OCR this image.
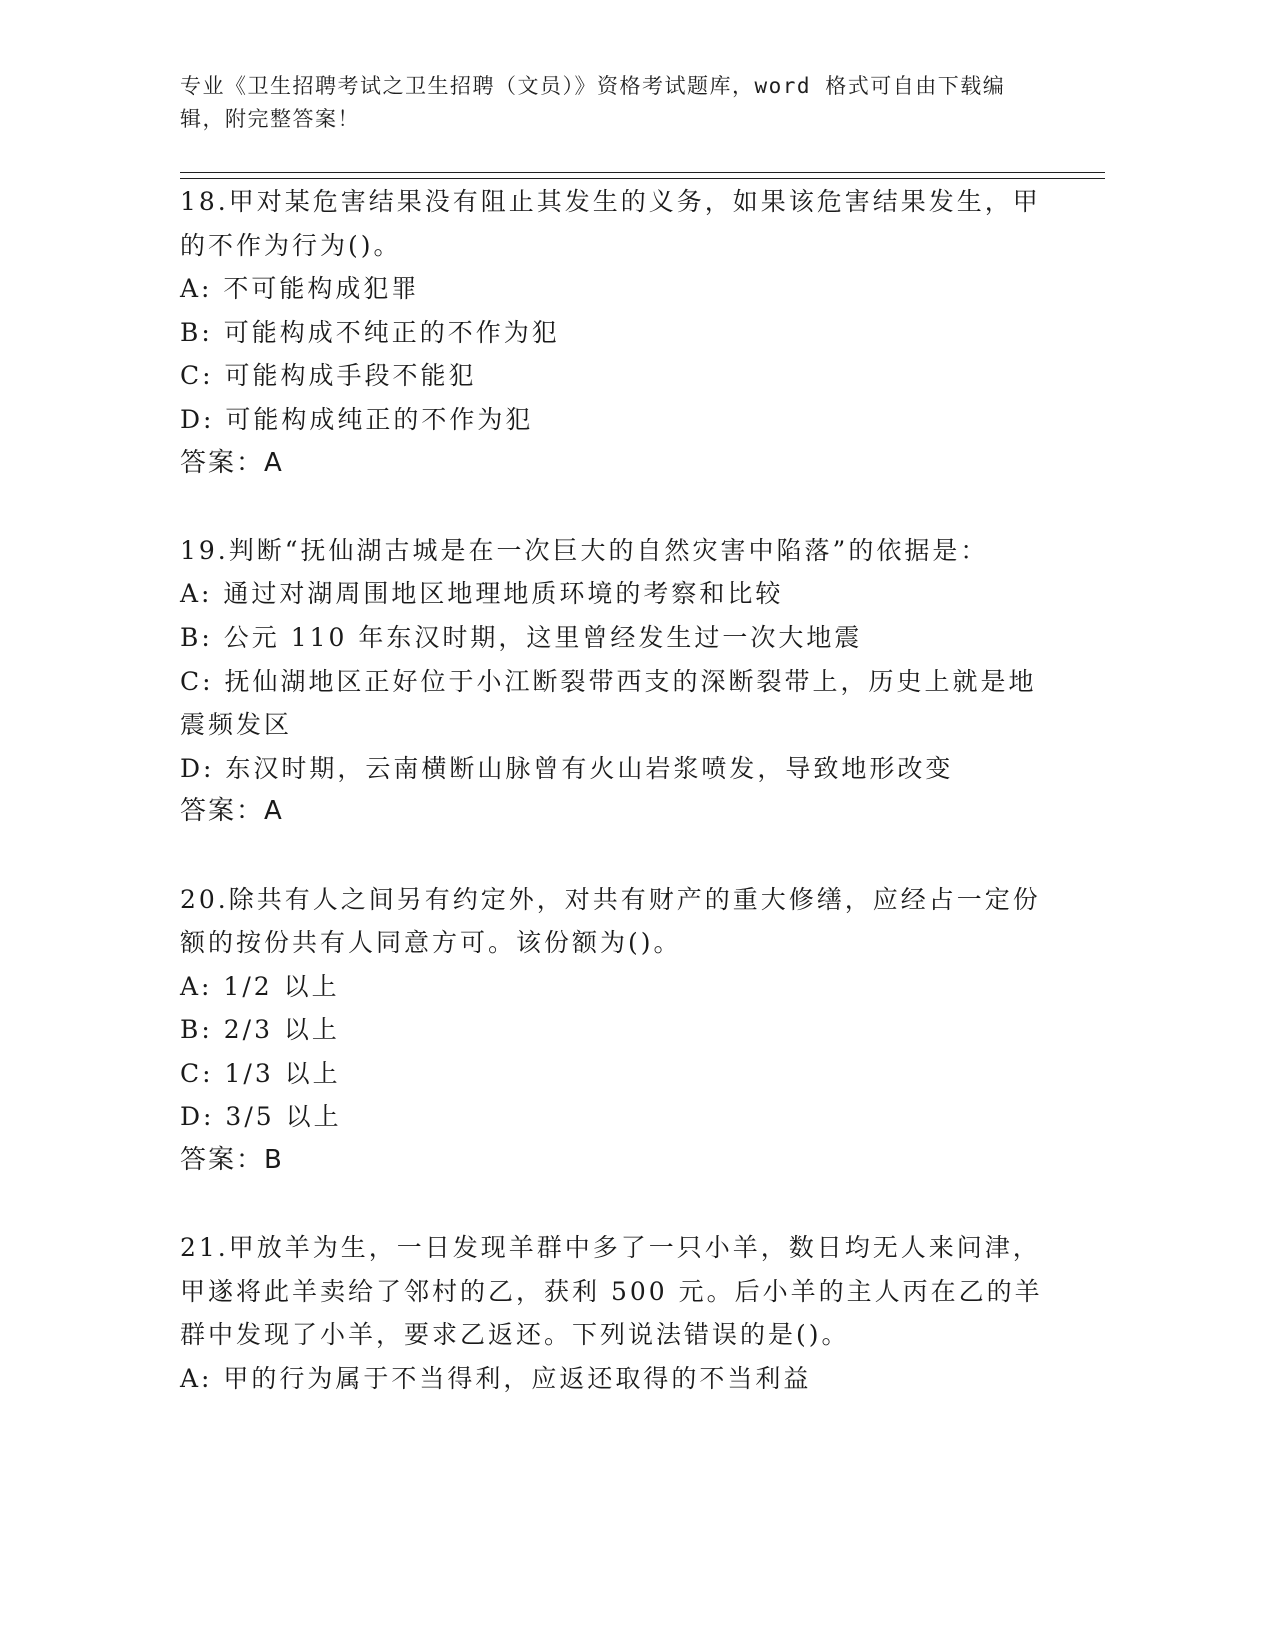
专业《卫生招聘考试之卫生招聘（文员）》资格考试题库，word 格式可自由下载编辑，附完整答案！

18.甲对某危害结果没有阻止其发生的义务，如果该危害结果发生，甲的不作为行为()。

A: 不可能构成犯罪

B: 可能构成不纯正的不作为犯

C: 可能构成手段不能犯

D: 可能构成纯正的不作为犯

答案：A

19.判断“抚仙湖古城是在一次巨大的自然灾害中陷落”的依据是：

A: 通过对湖周围地区地理地质环境的考察和比较

B: 公元 110 年东汉时期，这里曾经发生过一次大地震

C: 抚仙湖地区正好位于小江断裂带西支的深断裂带上，历史上就是地震频发区

D: 东汉时期，云南横断山脉曾有火山岩浆喷发，导致地形改变

答案：A

20.除共有人之间另有约定外，对共有财产的重大修缮，应经占一定份额的按份共有人同意方可。该份额为()。

A: 1/2 以上

B: 2/3 以上

C: 1/3 以上

D: 3/5 以上

答案：B

21.甲放羊为生，一日发现羊群中多了一只小羊，数日均无人来问津，甲遂将此羊卖给了邻村的乙，获利 500 元。后小羊的主人丙在乙的羊群中发现了小羊，要求乙返还。下列说法错误的是()。

A: 甲的行为属于不当得利，应返还取得的不当利益
